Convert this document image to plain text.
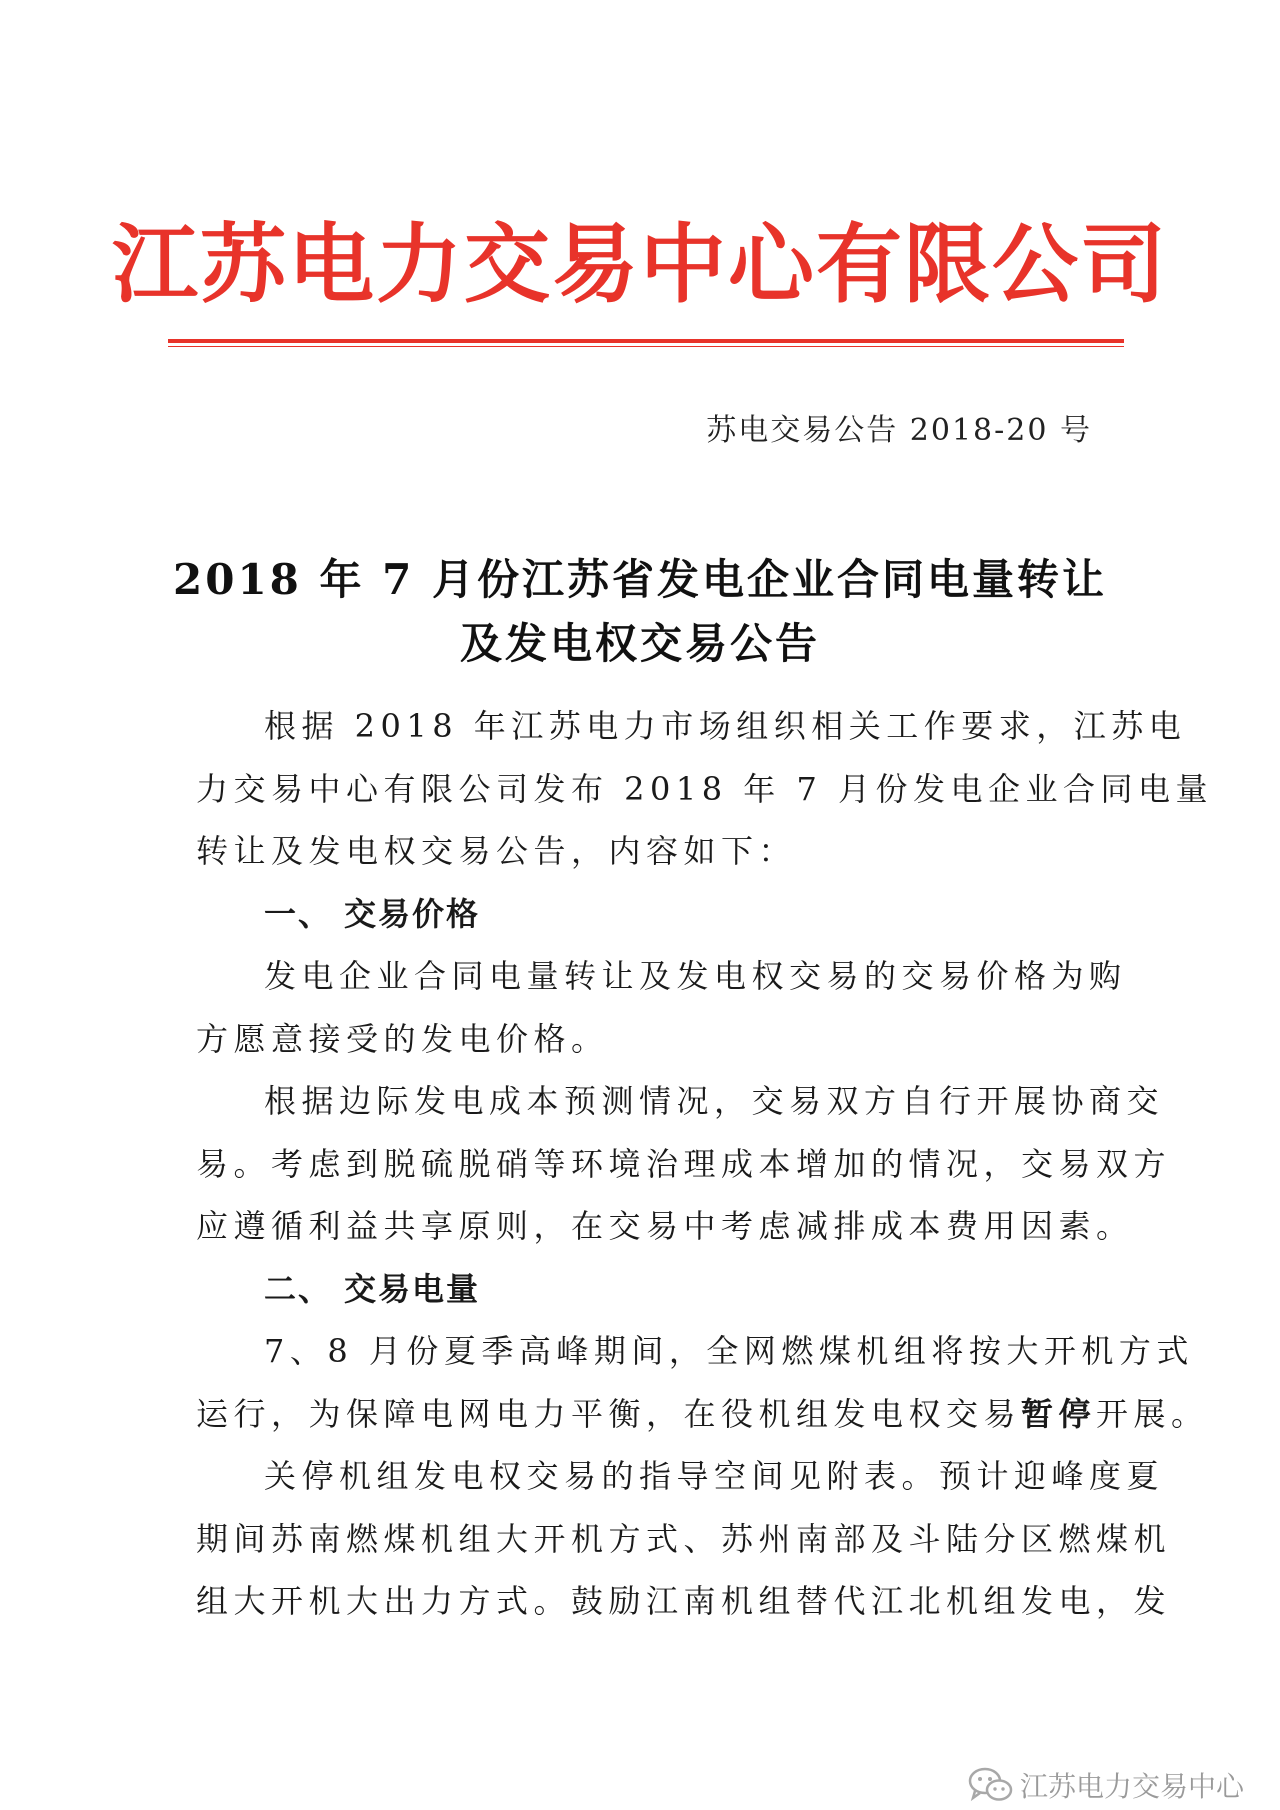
江苏电力交易中心有限公司
苏电交易公告 2018-20 号
2018 年 7 月份江苏省发电企业合同电量转让
及发电权交易公告
根据 2018 年江苏电力市场组织相关工作要求，江苏电
力交易中心有限公司发布 2018 年 7 月份发电企业合同电量
转让及发电权交易公告，内容如下：
一、 交易价格
发电企业合同电量转让及发电权交易的交易价格为购
方愿意接受的发电价格。
根据边际发电成本预测情况，交易双方自行开展协商交
易。考虑到脱硫脱硝等环境治理成本增加的情况，交易双方
应遵循利益共享原则，在交易中考虑减排成本费用因素。
二、 交易电量
7、8 月份夏季高峰期间，全网燃煤机组将按大开机方式
运行，为保障电网电力平衡，在役机组发电权交易暂停开展。
关停机组发电权交易的指导空间见附表。预计迎峰度夏
期间苏南燃煤机组大开机方式、苏州南部及斗陆分区燃煤机
组大开机大出力方式。鼓励江南机组替代江北机组发电，发
江苏电力交易中心
